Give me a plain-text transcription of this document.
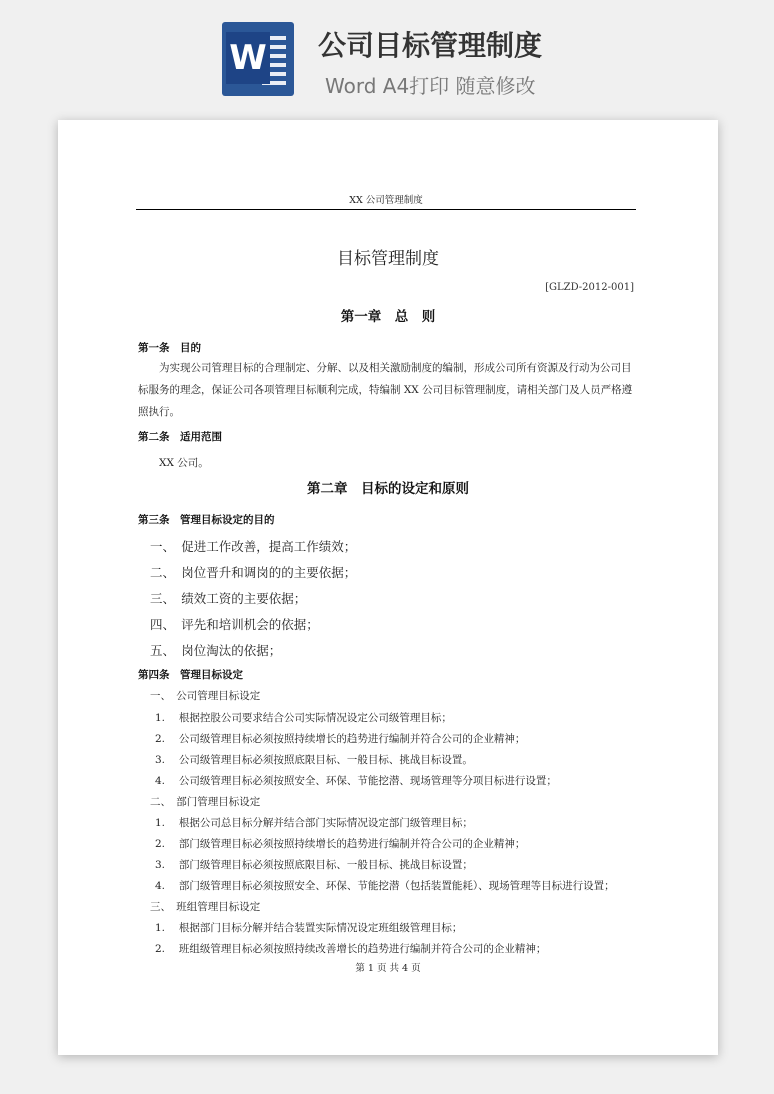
W 公司目标管理制度
Word A4打印 随意修改
XX 公司管理制度
目标管理制度
[GLZD-2012-001]
第一章　总　则
第一条　目的
为实现公司管理目标的合理制定、分解、以及相关激励制度的编制，形成公司所有资源及行动为公司目标服务的理念，保证公司各项管理目标顺利完成，特编制 XX 公司目标管理制度，请相关部门及人员严格遵照执行。
第二条　适用范围
XX 公司。
第二章　目标的设定和原则
第三条　管理目标设定的目的
一、　促进工作改善，提高工作绩效；
二、　岗位晋升和调岗的的主要依据；
三、　绩效工资的主要依据；
四、　评先和培训机会的依据；
五、　岗位淘汰的依据；
第四条　管理目标设定
一、　公司管理目标设定
1.　 根据控股公司要求结合公司实际情况设定公司级管理目标；
2.　 公司级管理目标必须按照持续增长的趋势进行编制并符合公司的企业精神；
3.　 公司级管理目标必须按照底限目标、一般目标、挑战目标设置。
4.　 公司级管理目标必须按照安全、环保、节能挖潜、现场管理等分项目标进行设置；
二、　部门管理目标设定
1.　 根据公司总目标分解并结合部门实际情况设定部门级管理目标；
2.　 部门级管理目标必须按照持续增长的趋势进行编制并符合公司的企业精神；
3.　 部门级管理目标必须按照底限目标、一般目标、挑战目标设置；
4.　 部门级管理目标必须按照安全、环保、节能挖潜（包括装置能耗）、现场管理等目标进行设置；
三、　班组管理目标设定
1.　 根据部门目标分解并结合装置实际情况设定班组级管理目标；
2.　 班组级管理目标必须按照持续改善增长的趋势进行编制并符合公司的企业精神；
第 1 页 共 4 页
